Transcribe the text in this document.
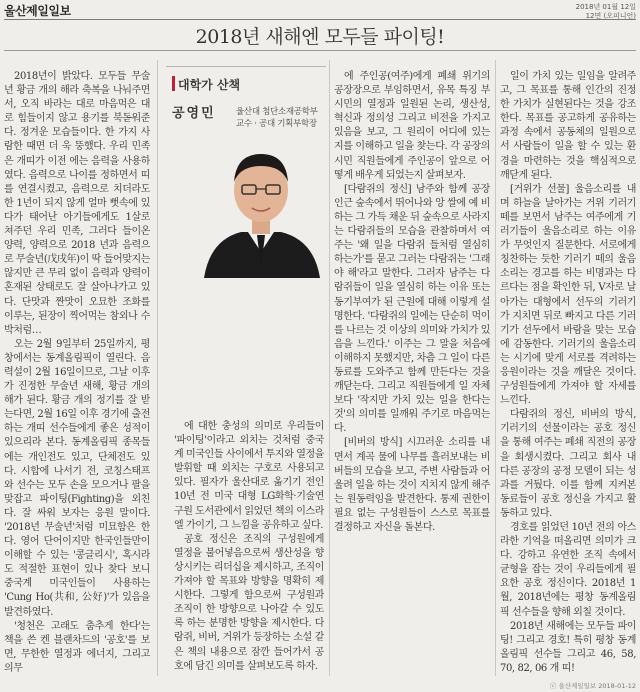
울산제일일보	2018년 01월 12일
12면 (오피니언)
2018년 새해엔 모두들 파이팅!
대학가 산책
공영민 울산대 첨단소재공학부
교수 · 공대 기획부학장

2018년이 밝았다. 모두들 무술년 황금 개의 해라 축복을 나눠주면서, 오직 바라는 대로 마음먹은 대로 힘들이지 않고 용기를 북돋워준다. 정겨운 모습들이다. 한 가지 사람한 때면 더 욱 뚱했다. 우리 민족은 개띠가 이전 에는 음력을 사용하였다. 음력으로 나이를 정하면서 띠를 연결시켰고, 음력으로 치더라도 한 1년이 되지 않게 얼마 뻣속에 있다가 태어난 아기들에게도 1살로 쳐주던 우리 민족, 그러다 들이온 양력, 양력으로 2018 년과 음력으로 무술년(戊戌年)이 딱 들어맞지는 않지만 큰 무리 없이 음력과 양력이 혼재된 상태로도 잘 살아나가고 있다. 단맛과 짠맛이 오묘한 조화를 이루는, 된장이 찍어먹는 참외나 수박처럼…

오는 2월 9일부터 25일까지, 평창에서는 동계올림픽이 열린다. 음력설이 2월 16일이므로, 그날 이후가 진정한 무술년 새해, 황금 개의 해가 된다. 황금 개의 정기를 잘 받는다면, 2월 16일 이후 경기에 출전하는 개띠 선수들에게 좋은 성적이 있으리라 본다. 동계올림픽 종목들에는 개인전도 있고, 단체전도 있다. 시합에 나서기 전, 코칭스태프와 선수는 모두 손을 모으거나 팔을 맞잡고 파이팅(Fighting)을 외친다. 잘 싸워 보자는 응원 말이다. '2018년 무술년'처럼 미묘함은 한다. 영어 단어이지만 한국인들만이 이해할 수 있는 '콩글리시', 혹시라도 적절한 표현이 있나 찾다 보니 중국계 미국인들이 사용하는 'Cung Ho(共和, 公好)'가 있음을 발견하였다.

'청천은 고래도 춤추게 한다'는 책을 쓴 켄 블랜차드의 '공호'를 보면, 무한한 열정과 에너지, 그리고 의무

에 대한 충성의 의미로 우리들이 '파이팅'이라고 외치는 것처럼 중국계 미국인들 사이에서 투지와 열정을 발휘할 때 외치는 구호로 사용되고 있다. 필자가 울산대로 옮기기 전인 10년 전 미국 대형 LG화학·기술연구원 도서관에서 읽었던 책의 이스라엘 가이기, 그 느낌을 공유하고 싶다.

공호 정신은 조직의 구성원에게 열정을 불어넣음으로써 생산성을 향상시키는 리더십을 제시하고, 조직이 가져야 할 목표와 방향을 명확히 제시한다. 그렇게 함으로써 구성원과 조직이 한 방향으로 나아갈 수 있도록 하는 분명한 방향을 제시한다. 다람쥐, 비버, 거위가 등장하는 소설 같은 책의 내용으로 잠깐 들어가서 공호에 담긴 의미를 살펴보도록 하자.

에 주인공(여주)에게 폐쇄 위기의 공장장으로 부임하면서, 유목 특징 부 시민의 열정과 일원된 논리, 생산성, 혁신과 정의성 그리고 비전을 가지고 있음을 보고, 그 원리이 어디에 있는 지를 이해하고 일을 찾는다. 각 공장의 시민 직원들에게 주인공이 앞으로 어떻게 배우게 되었는지 살펴보자.

[다람쥐의 정신] 남주와 함께 공장인근 숲속에서 뛰어나와 앙 쌀에 예 비하는 그 가득 채운 뒤 숲속으로 사라지는 다람쥐들의 모습을 관찰하며서 여주는 '왜 일을 다람쥐 들처럼 열심히 하는가'를 묻고 그러는 다람쥐는 '그래야 해'라고 말한다. 그러자 남주는 다람쥐들이 일을 열심히 하는 이유 또는 동기부여가 된 근원에 대해 이렇게 설명한다. '다람쥐의 일에는 단순히 먹이를 나르는 것 이상의 의미와 가치가 있음을 느낀다.' 이주는 그 말을 처음에 이해하지 못했지만, 차츰 그 일이 다른 동료를 도와주고 함께 만든다는 것을 깨닫는다. 그리고 직원들에게 일 자체보다 '작지만 가치 있는 일을 한다는 것'의 의미를 일깨워 주기로 마음먹는다.

[비버의 방식] 시끄러운 소리를 내면서 계곡 물에 나무를 흘러보내는 비버들의 모습을 보고, 주변 사람들과 어울려 일을 하는 것이 지치지 않게 해주는 원동력임을 발견한다. 통제 권한이 필요 없는 구성원들이 스스로 목표를 결정하고 자신을 돌본다.

일이 가치 있는 일임을 알려주고, 그 목표를 통해 인간의 진정한 가치가 실현된다는 것을 강조한다. 목표를 공고하게 공유하는 과정 속에서 공동체의 일원으로서 사람들이 일을 할 수 있는 환경을 마련하는 것을 핵심적으로 깨닫게 된다.

[거위가 선물] 울음소리를 내며 하늘을 날아가는 거위 기러기 떼를 보면서 남주는 여주에게 기러기들이 울음소리로 하는 이유가 무엇인지 질문한다. 서로에게 칭찬하는 듯한 기러기 떼의 울음소리는 경고를 하는 비명과는 다르다는 점을 확인한 뒤, V자로 날아가는 대형에서 선두의 기러기가 지치면 뒤로 빠지고 다른 기러기가 선두에서 바람을 맞는 모습에 감동한다. 기러기의 울음소리는 시기에 맞게 서로를 격려하는 응원이라는 것을 깨달은 것이다. 구성원들에게 가져야 할 자세를 느낀다.

다람쥐의 정신, 비버의 방식, 기러기의 선물이라는 공호 정신을 통해 여주는 폐쇄 직전의 공장을 회생시켰다. 그리고 회사 내 다른 공장의 공정 모델이 되는 성과를 거뒀다. 이를 함께 지켜본 동료들이 공호 정신을 가지고 활동하고 있다.

경호를 읽었던 10년 전의 아스라한 기억을 떠올리면 의미가 크다. 강하고 유연한 조직 속에서 균형을 잡는 것이 우리들에게 필요한 공호 정신이다. 2018년 1월, 2018년에는 평창 동계올림픽 선수들을 향해 외칠 것이다.

2018년 새해에는 모두들 파이팅! 그리고 경호! 특히 평창 동계올림픽 선수들 그리고 46, 58, 70, 82, 06 개 띠!

ⓒ 울산제일일보 2018-01-12
